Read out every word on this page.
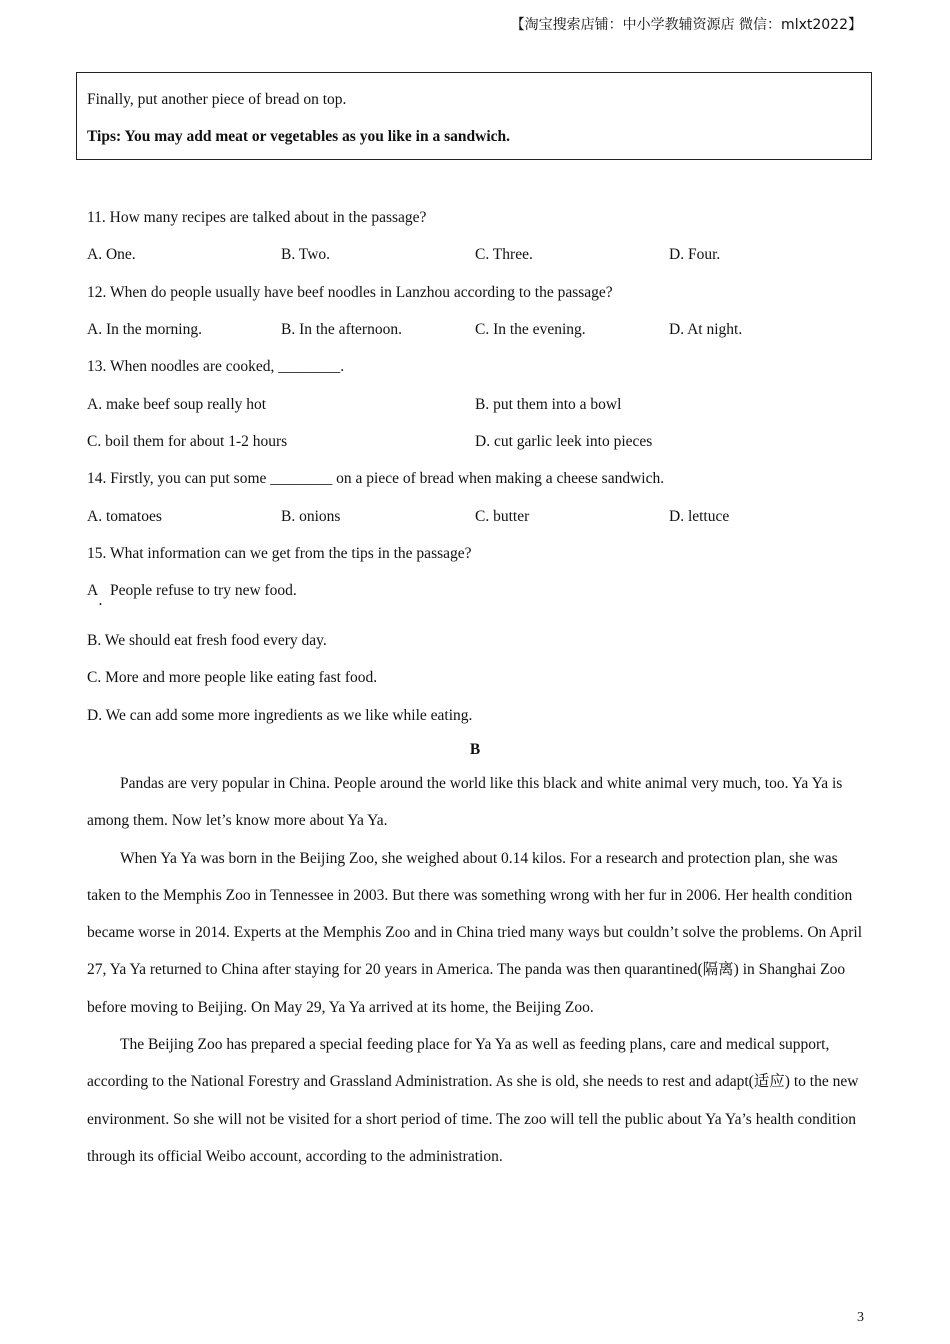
【淘宝搜索店铺：中小学教辅资源店 微信：mlxt2022】
Finally, put another piece of bread on top.
Tips: You may add meat or vegetables as you like in a sandwich.
11. How many recipes are talked about in the passage?
A. One.	B. Two.	C. Three.	D. Four.
12. When do people usually have beef noodles in Lanzhou according to the passage?
A. In the morning.	B. In the afternoon.	C. In the evening.	D. At night.
13. When noodles are cooked, ________.
A. make beef soup really hot	B. put them into a bowl
C. boil them for about 1-2 hours	D. cut garlic leek into pieces
14. Firstly, you can put some ________ on a piece of bread when making a cheese sandwich.
A. tomatoes	B. onions	C. butter	D. lettuce
15. What information can we get from the tips in the passage?
A
.
People refuse to try new food.
B. We should eat fresh food every day.
C. More and more people like eating fast food.
D. We can add some more ingredients as we like while eating.
B

Pandas are very popular in China. People around the world like this black and white animal very much, too. Ya Ya is among them. Now let’s know more about Ya Ya.

When Ya Ya was born in the Beijing Zoo, she weighed about 0.14 kilos. For a research and protection plan, she was taken to the Memphis Zoo in Tennessee in 2003. But there was something wrong with her fur in 2006. Her health condition became worse in 2014. Experts at the Memphis Zoo and in China tried many ways but couldn’t solve the problems. On April 27, Ya Ya returned to China after staying for 20 years in America. The panda was then quarantined(隔离) in Shanghai Zoo before moving to Beijing. On May 29, Ya Ya arrived at its home, the Beijing Zoo.

The Beijing Zoo has prepared a special feeding place for Ya Ya as well as feeding plans, care and medical support, according to the National Forestry and Grassland Administration. As she is old, she needs to rest and adapt(适应) to the new environment. So she will not be visited for a short period of time. The zoo will tell the public about Ya Ya’s health condition through its official Weibo account, according to the administration.

3
